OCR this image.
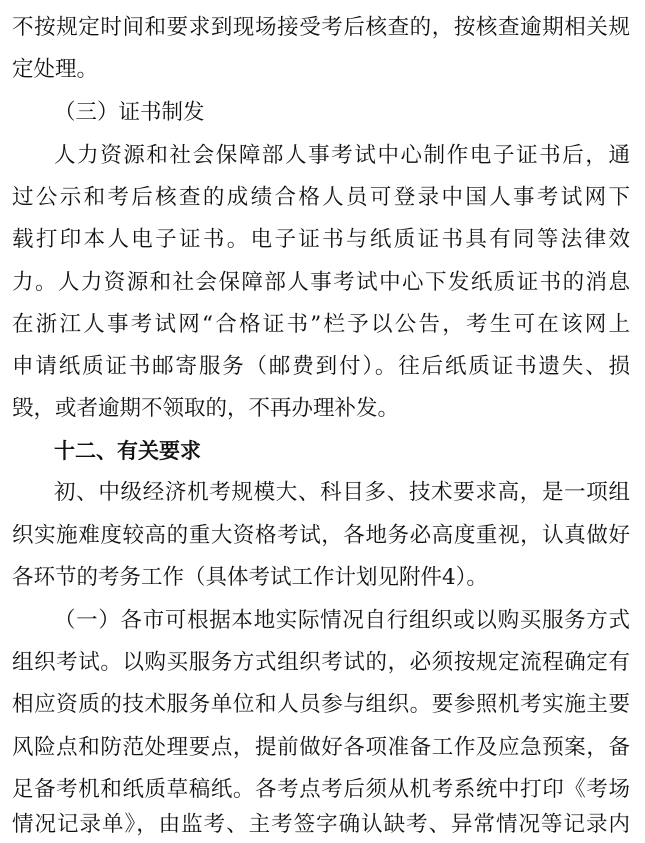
不按规定时间和要求到现场接受考后核查的，按核查逾期相关规
定处理。
（三）证书制发
人力资源和社会保障部人事考试中心制作电子证书后，通
过公示和考后核查的成绩合格人员可登录中国人事考试网下
载打印本人电子证书。电子证书与纸质证书具有同等法律效
力。人力资源和社会保障部人事考试中心下发纸质证书的消息
在浙江人事考试网“合格证书”栏予以公告，考生可在该网上
申请纸质证书邮寄服务（邮费到付）。往后纸质证书遗失、损
毁，或者逾期不领取的，不再办理补发。
十二、有关要求
初、中级经济机考规模大、科目多、技术要求高，是一项组
织实施难度较高的重大资格考试，各地务必高度重视，认真做好
各环节的考务工作（具体考试工作计划见附件4）。
（一）各市可根据本地实际情况自行组织或以购买服务方式
组织考试。以购买服务方式组织考试的，必须按规定流程确定有
相应资质的技术服务单位和人员参与组织。要参照机考实施主要
风险点和防范处理要点，提前做好各项准备工作及应急预案，备
足备考机和纸质草稿纸。各考点考后须从机考系统中打印《考场
情况记录单》，由监考、主考签字确认缺考、异常情况等记录内
